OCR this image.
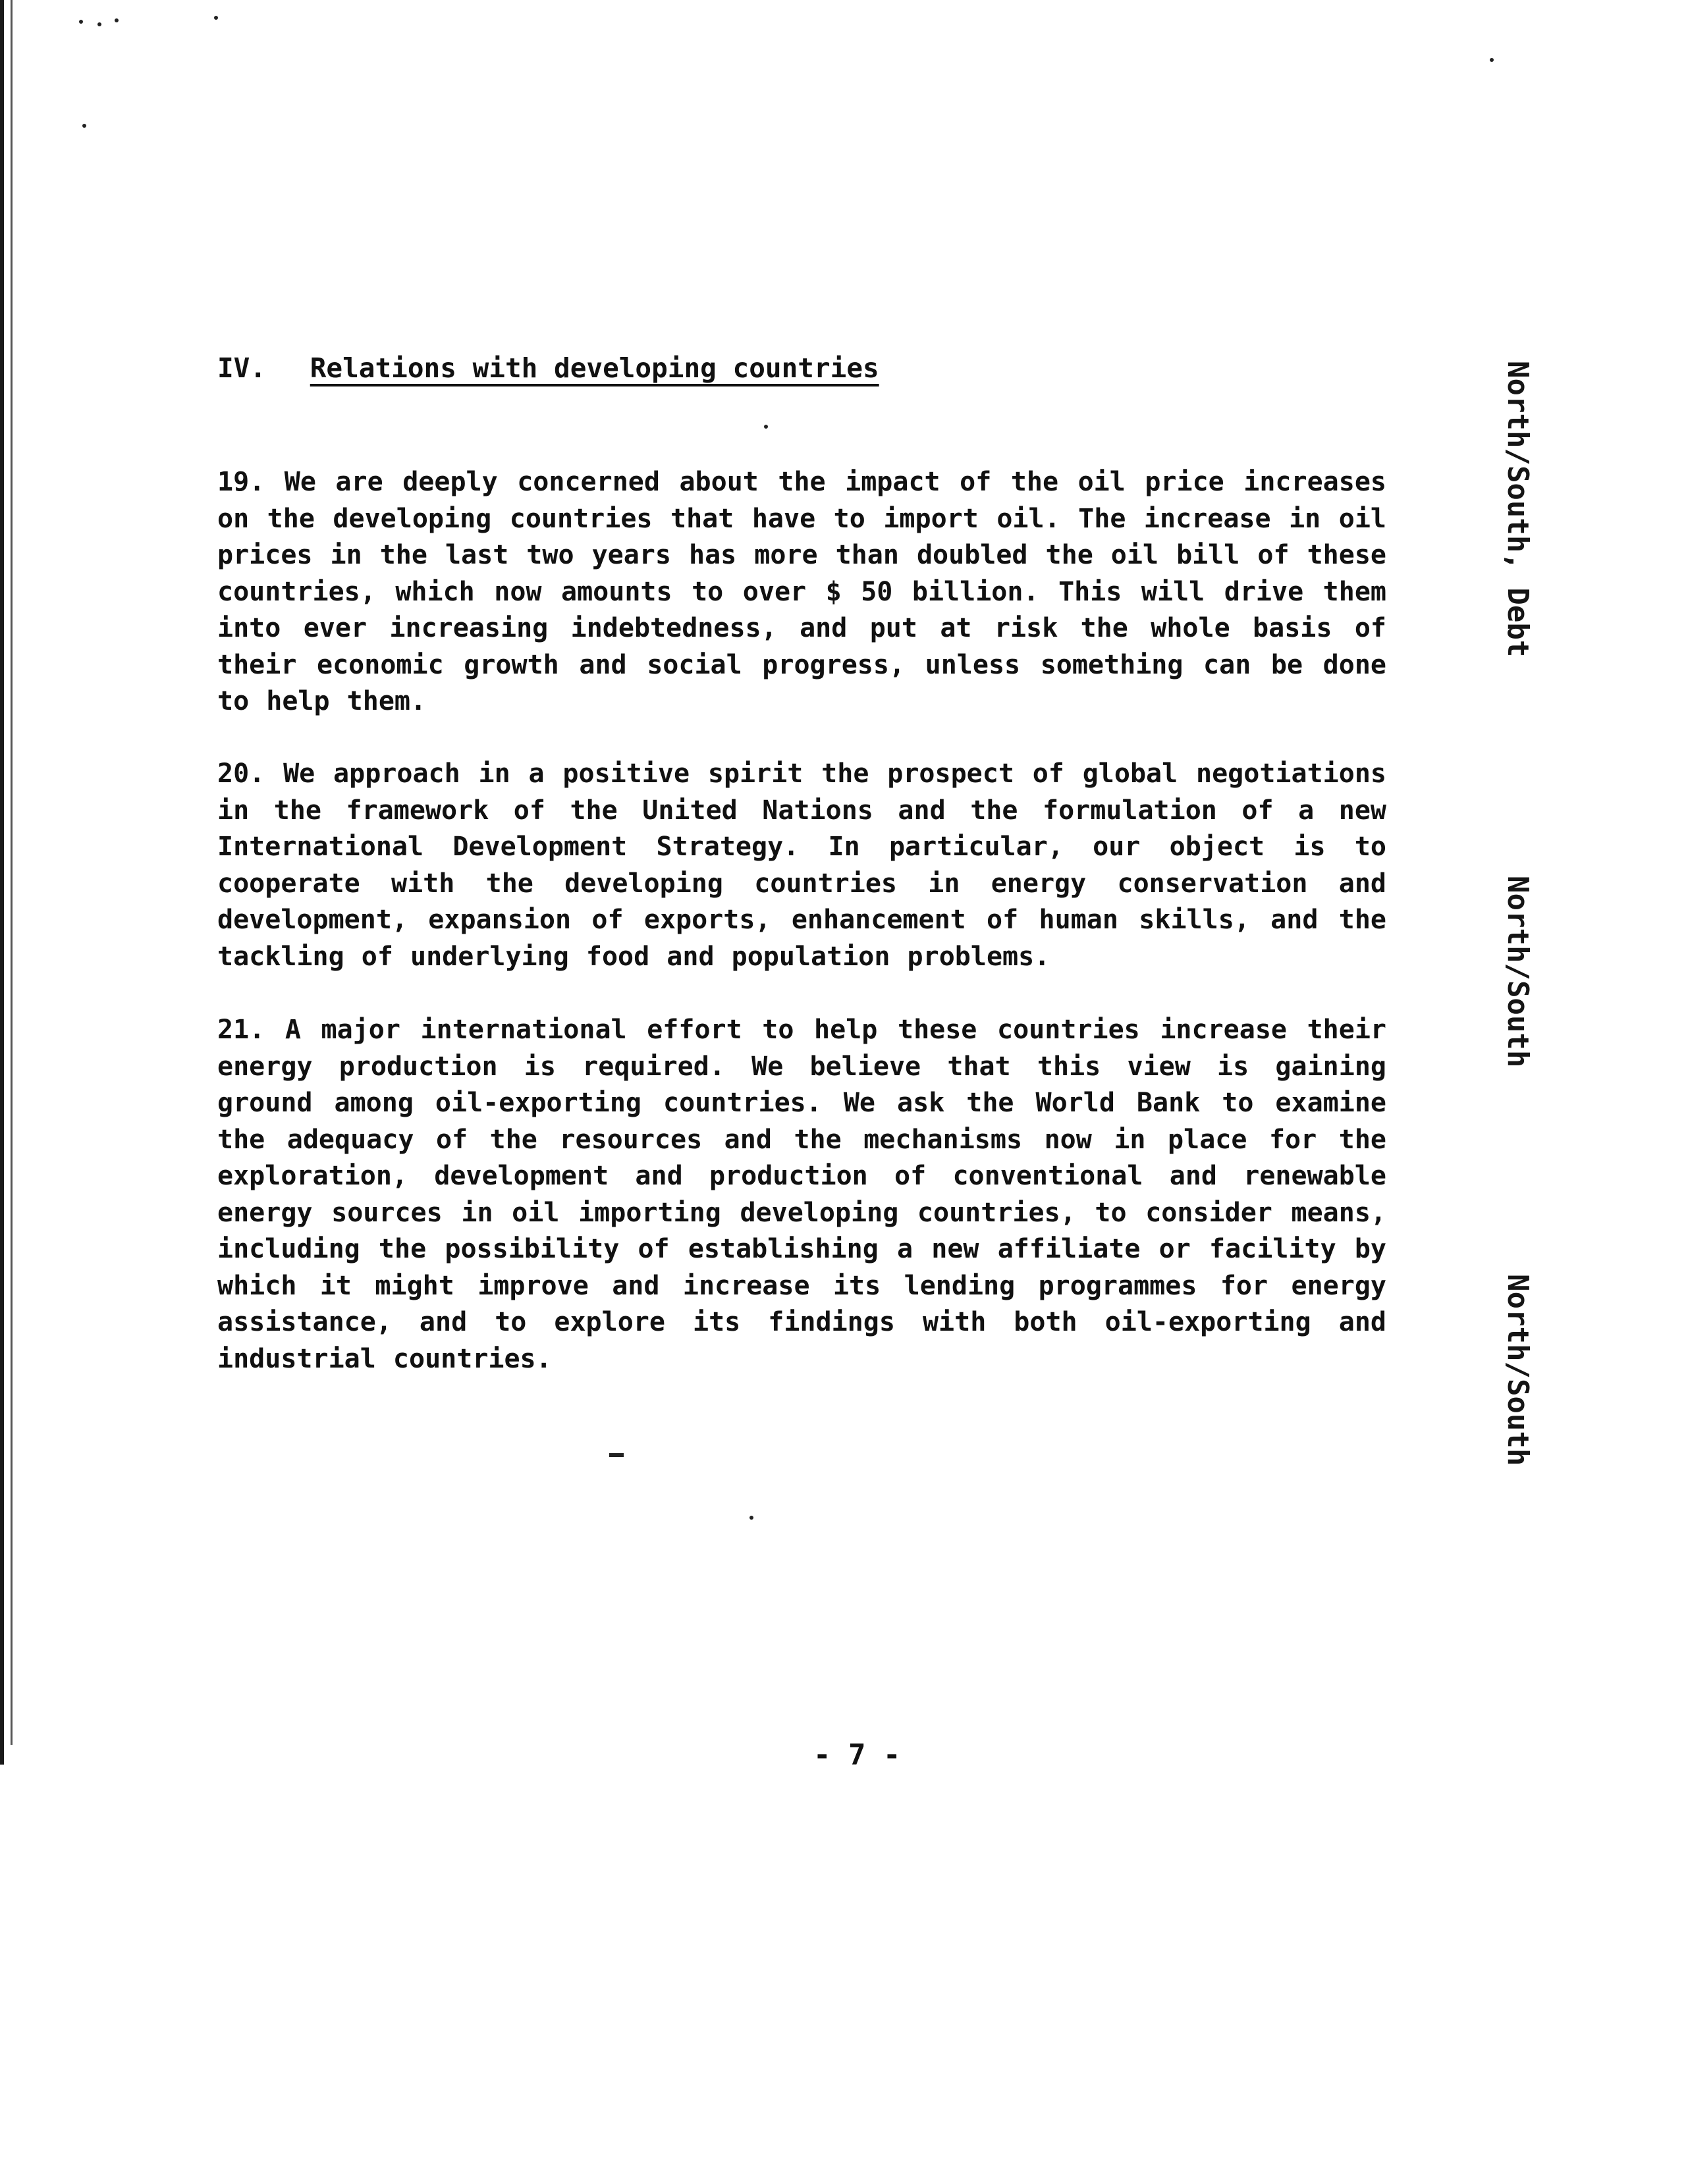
IV. Relations with developing countries

19. We are deeply concerned about the impact of the oil price increases on the developing countries that have to import oil. The increase in oil prices in the last two years has more than doubled the oil bill of these countries, which now amounts to over $ 50 billion. This will drive them into ever increasing indebtedness, and put at risk the whole basis of their economic growth and social progress, unless something can be done to help them.

20. We approach in a positive spirit the prospect of global negotiations in the framework of the United Nations and the formulation of a new International Development Strategy. In particular, our object is to cooperate with the developing countries in energy conservation and development, expansion of exports, enhancement of human skills, and the tackling of underlying food and population problems.

21. A major international effort to help these countries increase their energy production is required. We believe that this view is gaining ground among oil-exporting countries. We ask the World Bank to examine the adequacy of the resources and the mechanisms now in place for the exploration, development and production of conventional and renewable energy sources in oil importing developing countries, to consider means, including the possibility of establishing a new affiliate or facility by which it might improve and increase its lending programmes for energy assistance, and to explore its findings with both oil-exporting and industrial countries.

North/South, Debt
North/South
North/South
- 7 -
